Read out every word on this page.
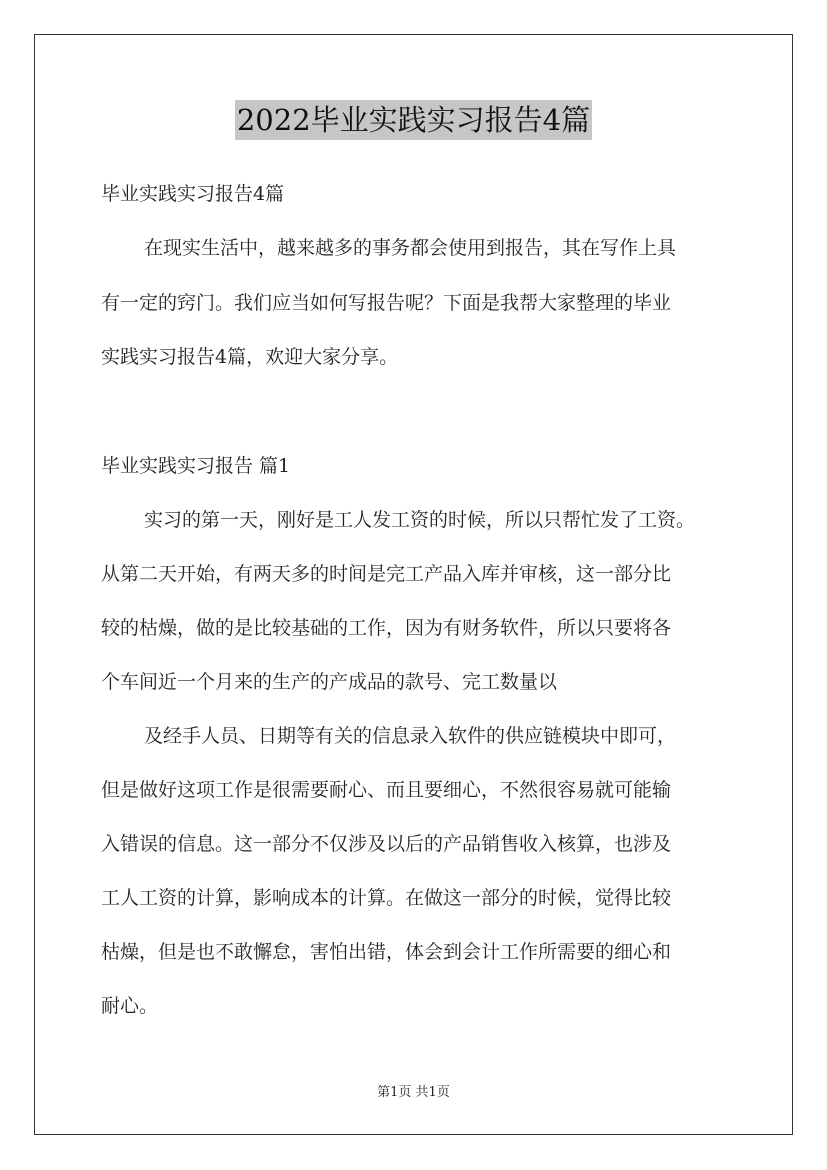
2022毕业实践实习报告4篇
毕业实践实习报告4篇
在现实生活中，越来越多的事务都会使用到报告，其在写作上具
有一定的窍门。我们应当如何写报告呢？下面是我帮大家整理的毕业
实践实习报告4篇，欢迎大家分享。
毕业实践实习报告 篇1
实习的第一天，刚好是工人发工资的时候，所以只帮忙发了工资。
从第二天开始，有两天多的时间是完工产品入库并审核，这一部分比
较的枯燥，做的是比较基础的工作，因为有财务软件，所以只要将各
个车间近一个月来的生产的产成品的款号、完工数量以
及经手人员、日期等有关的信息录入软件的供应链模块中即可，
但是做好这项工作是很需要耐心、而且要细心，不然很容易就可能输
入错误的信息。这一部分不仅涉及以后的产品销售收入核算，也涉及
工人工资的计算，影响成本的计算。在做这一部分的时候，觉得比较
枯燥，但是也不敢懈怠，害怕出错，体会到会计工作所需要的细心和
耐心。
第1页 共1页
